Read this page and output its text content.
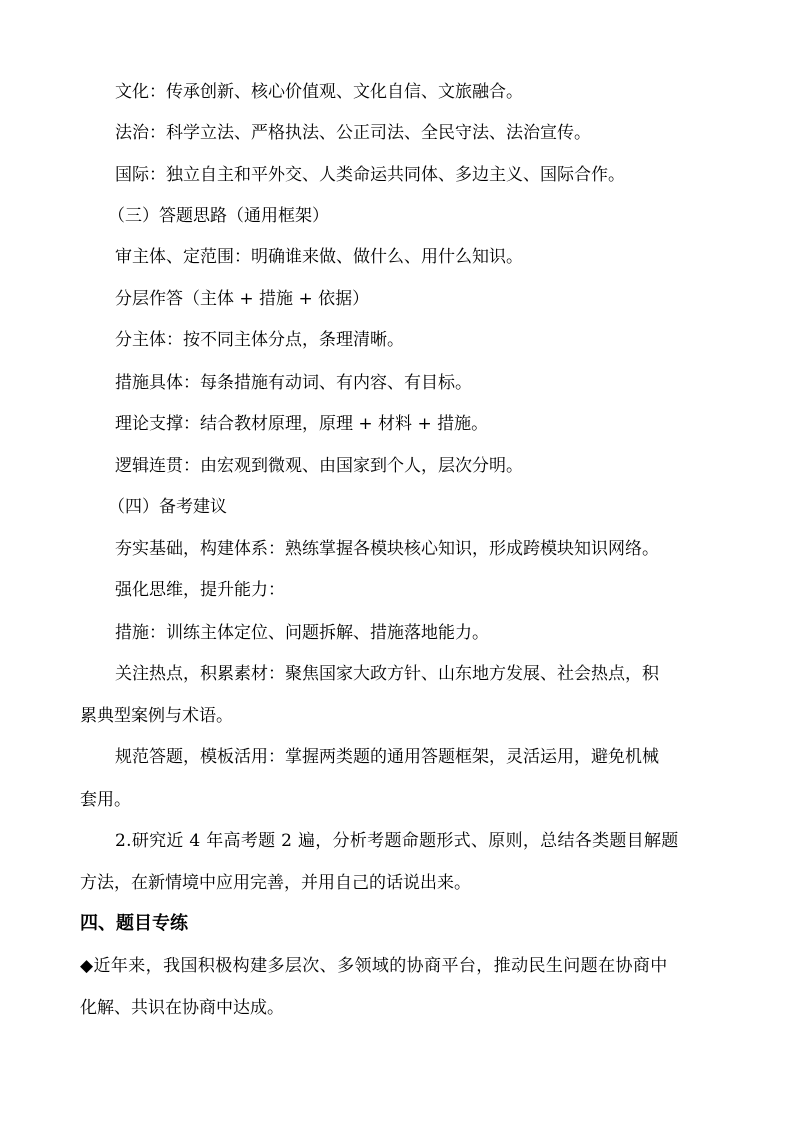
文化：传承创新、核心价值观、文化自信、文旅融合。
法治：科学立法、严格执法、公正司法、全民守法、法治宣传。
国际：独立自主和平外交、人类命运共同体、多边主义、国际合作。
（三）答题思路（通用框架）
审主体、定范围：明确谁来做、做什么、用什么知识。
分层作答（主体 + 措施 + 依据）
分主体：按不同主体分点，条理清晰。
措施具体：每条措施有动词、有内容、有目标。
理论支撑：结合教材原理，原理 + 材料 + 措施。
逻辑连贯：由宏观到微观、由国家到个人，层次分明。
（四）备考建议
夯实基础，构建体系：熟练掌握各模块核心知识，形成跨模块知识网络。
强化思维，提升能力：
措施：训练主体定位、问题拆解、措施落地能力。
关注热点，积累素材：聚焦国家大政方针、山东地方发展、社会热点，积
累典型案例与术语。
规范答题，模板活用：掌握两类题的通用答题框架，灵活运用，避免机械
套用。
2.研究近 4 年高考题 2 遍，分析考题命题形式、原则，总结各类题目解题
方法，在新情境中应用完善，并用自己的话说出来。
四、题目专练
◆近年来，我国积极构建多层次、多领域的协商平台，推动民生问题在协商中
化解、共识在协商中达成。
